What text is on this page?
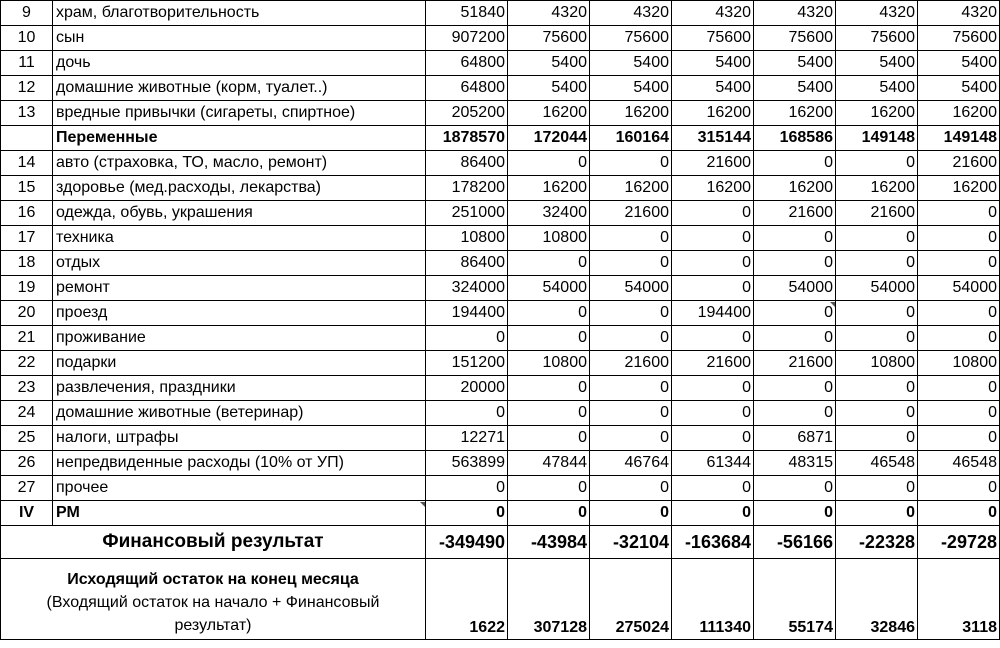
9	храм, благотворительность	51840	4320	4320	4320	4320	4320	4320
10	сын	907200	75600	75600	75600	75600	75600	75600
11	дочь	64800	5400	5400	5400	5400	5400	5400
12	домашние животные (корм, туалет..)	64800	5400	5400	5400	5400	5400	5400
13	вредные привычки (сигареты, спиртное)	205200	16200	16200	16200	16200	16200	16200
	Переменные	1878570	172044	160164	315144	168586	149148	149148
14	авто (страховка, ТО, масло, ремонт)	86400	0	0	21600	0	0	21600
15	здоровье (мед.расходы, лекарства)	178200	16200	16200	16200	16200	16200	16200
16	одежда, обувь, украшения	251000	32400	21600	0	21600	21600	0
17	техника	10800	10800	0	0	0	0	0
18	отдых	86400	0	0	0	0	0	0
19	ремонт	324000	54000	54000	0	54000	54000	54000
20	проезд	194400	0	0	194400	0	0	0
21	проживание	0	0	0	0	0	0	0
22	подарки	151200	10800	21600	21600	21600	10800	10800
23	развлечения, праздники	20000	0	0	0	0	0	0
24	домашние животные (ветеринар)	0	0	0	0	0	0	0
25	налоги, штрафы	12271	0	0	0	6871	0	0
26	непредвиденные расходы (10% от УП)	563899	47844	46764	61344	48315	46548	46548
27	прочее	0	0	0	0	0	0	0
IV	РМ	0	0	0	0	0	0	0
Финансовый результат		-349490	-43984	-32104	-163684	-56166	-22328	-29728

Исходящий остаток на конец месяца
(Входящий остаток на начало + Финансовый
результат)		1622	307128	275024	111340	55174	32846	3118
